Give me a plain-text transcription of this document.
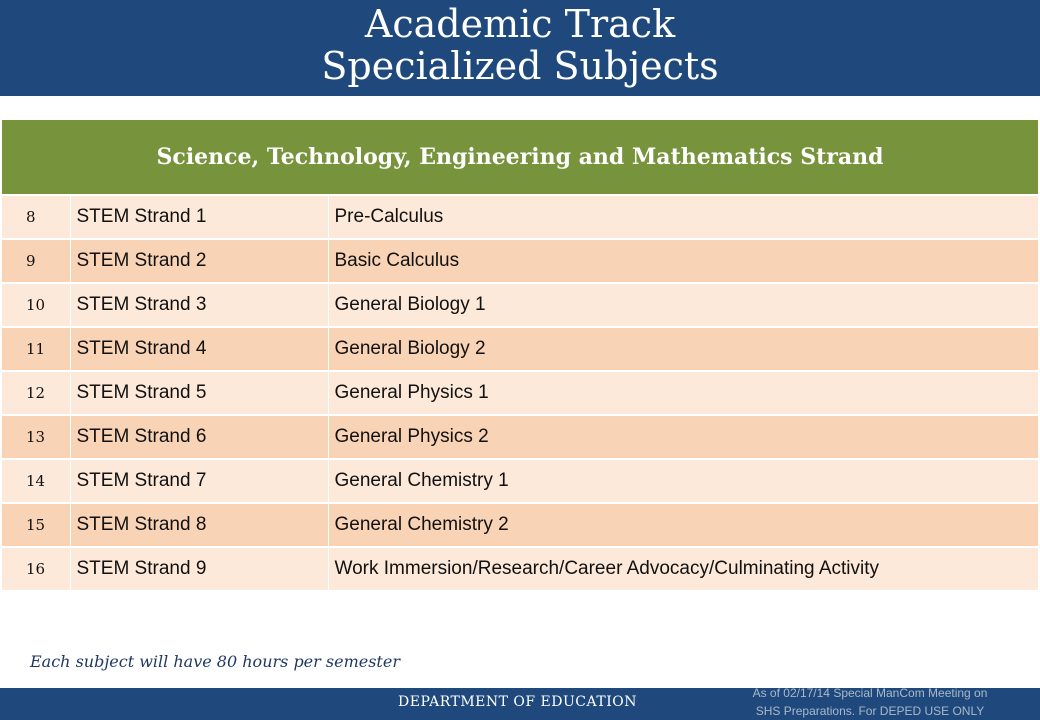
Academic Track
Specialized Subjects
Science, Technology, Engineering and Mathematics Strand		
8	STEM Strand 1	Pre-Calculus
9	STEM Strand 2	Basic Calculus
10	STEM Strand 3	General Biology 1
11	STEM Strand 4	General Biology 2
12	STEM Strand 5	General Physics 1
13	STEM Strand 6	General Physics 2
14	STEM Strand 7	General Chemistry 1
15	STEM Strand 8	General Chemistry 2
16	STEM Strand 9	Work Immersion/Research/Career Advocacy/Culminating Activity
Each subject will have 80 hours per semester
DEPARTMENT OF EDUCATION
As of 02/17/14 Special ManCom Meeting on
SHS Preparations. For DEPED USE ONLY
